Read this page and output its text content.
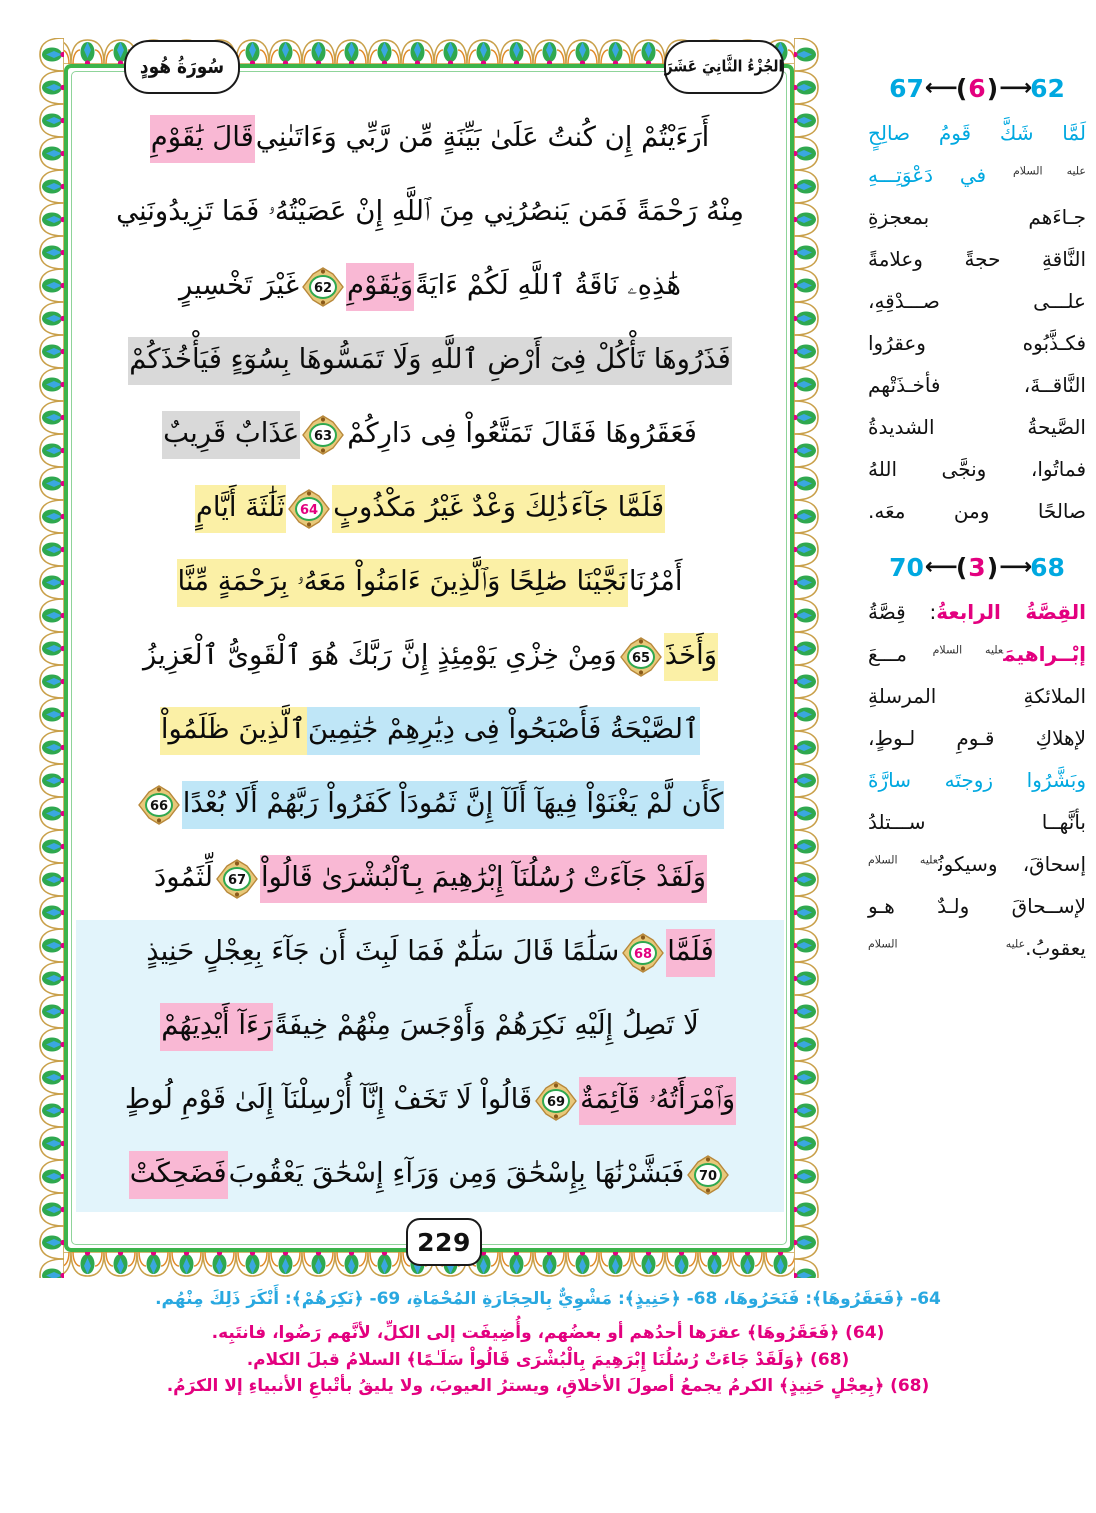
سُورَةُ هُودٍ	الجُزْءُ الثَّانِيَ عَشَرَ
229
أَرَءَيْتُمْ إِن كُنتُ عَلَىٰ بَيِّنَةٍ مِّن رَّبِّي وَءَاتَىٰنِي
قَالَ يَٰقَوْمِ
مِنْهُ رَحْمَةً فَمَن يَنصُرُنِي مِنَ ٱللَّهِ إِنْ عَصَيْتُهُۥ فَمَا تَزِيدُونَنِي
هَٰذِهِۦ نَاقَةُ ٱللَّهِ لَكُمْ ءَايَةً
وَيَٰقَوْمِ
62
غَيْرَ تَخْسِيرٍ
فَذَرُوهَا تَأْكُلْ فِىٓ أَرْضِ ٱللَّهِ وَلَا تَمَسُّوهَا بِسُوٓءٍ فَيَأْخُذَكُمْ
فَعَقَرُوهَا فَقَالَ تَمَتَّعُواْ فِى دَارِكُمْ
63
عَذَابٌ قَرِيبٌ
فَلَمَّا جَآءَ
ذَٰلِكَ وَعْدٌ غَيْرُ مَكْذُوبٍ
64
ثَلَٰثَةَ أَيَّامٍ
أَمْرُنَا
نَجَّيْنَا صَٰلِحًا وَٱلَّذِينَ ءَامَنُواْ مَعَهُۥ بِرَحْمَةٍ مِّنَّا
وَأَخَذَ
65
وَمِنْ خِزْىِ يَوْمِئِذٍ إِنَّ رَبَّكَ هُوَ ٱلْقَوِىُّ ٱلْعَزِيزُ
ٱلصَّيْحَةُ فَأَصْبَحُواْ فِى دِيَٰرِهِمْ جَٰثِمِينَ
ٱلَّذِينَ ظَلَمُواْ
كَأَن لَّمْ يَغْنَوْاْ فِيهَآ أَلَآ إِنَّ ثَمُودَاْ كَفَرُواْ رَبَّهُمْ أَلَا بُعْدًا
66
وَلَقَدْ جَآءَتْ رُسُلُنَآ إِبْرَٰهِيمَ بِٱلْبُشْرَىٰ قَالُواْ
67
لِّثَمُودَ
فَلَمَّا
68
سَلَٰمًا قَالَ سَلَٰمٌ فَمَا لَبِثَ أَن جَآءَ بِعِجْلٍ حَنِيذٍ
لَا تَصِلُ إِلَيْهِ نَكِرَهُمْ وَأَوْجَسَ مِنْهُمْ خِيفَةً
رَءَآ أَيْدِيَهُمْ
وَٱمْرَأَتُهُۥ قَآئِمَةٌ
69
قَالُواْ لَا تَخَفْ إِنَّآ أُرْسِلْنَآ إِلَىٰ قَوْمِ لُوطٍ
70
فَبَشَّرْنَٰهَا بِإِسْحَٰقَ وَمِن وَرَآءِ إِسْحَٰقَ يَعْقُوبَ
فَضَحِكَتْ
67 ⟵ ( 6 ) ⟶ 62
لَمَّا شَكَّ قَومُ صالِحٍ
$^{عليه السلام}$ في دَعْوَتِـــهِ
جـاءَهم بمعجزةِ
النَّاقةِ حجةً وعلامةً
علـــى صـــدْقِهِ،
فكـذَّبُوه وعقرُوا
النَّاقــةَ، فأخـذَتْهم
الصَّيحةُ الشديدةُ
فماتُوا، ونجَّى اللهُ
صالحًا ومن معَه.
70 ⟵ ( 3 ) ⟶ 68
القِصَّةُ الرابعةُ: قِصَّةُ
إبْــراهيمَ$^{عليه السلام}$ مـــعَ
الملائكةِ المرسلةِ
لإهلاكِ قـومِ لـوطٍ،
وبَشَّرُوا زوجتَه سارَّةَ
بأنَّهــا ســـتلدُ
إسحاقَ، وسيكونُ$^{عليه السلام}$
لإســحاقَ ولـدٌ هـو
يعقوبُ.$^{عليه السلام}$
64- ﴿فَعَقَرُوهَا﴾: فَنَحَرُوهَا، 68- ﴿حَنِيذٍ﴾: مَشْوِيٌّ بِالحِجَارَةِ المُحْمَاةِ، 69- ﴿نَكِرَهُمْ﴾: أَنْكَرَ ذَلِكَ مِنْهُم.
(64) ﴿فَعَقَرُوهَا﴾ عقرَها أحدُهم أو بعضُهم، وأُضِيفَت إلى الكلِّ، لأنَّهم رَضُوا، فانتَبِه.
(68) ﴿وَلَقَدْ جَاءَتْ رُسُلُنَا إِبْرَهِيمَ بِالْبُشْرَى قَالُواْ سَلَـٰمًا﴾ السلامُ قبلَ الكلام.
(68) ﴿بِعِجْلٍ حَنِيذٍ﴾ الكرمُ يجمعُ أصولَ الأخلاقِ، ويسترُ العيوبَ، ولا يليقُ بأتْباعِ الأنبياءِ إلا الكرَمُ.
